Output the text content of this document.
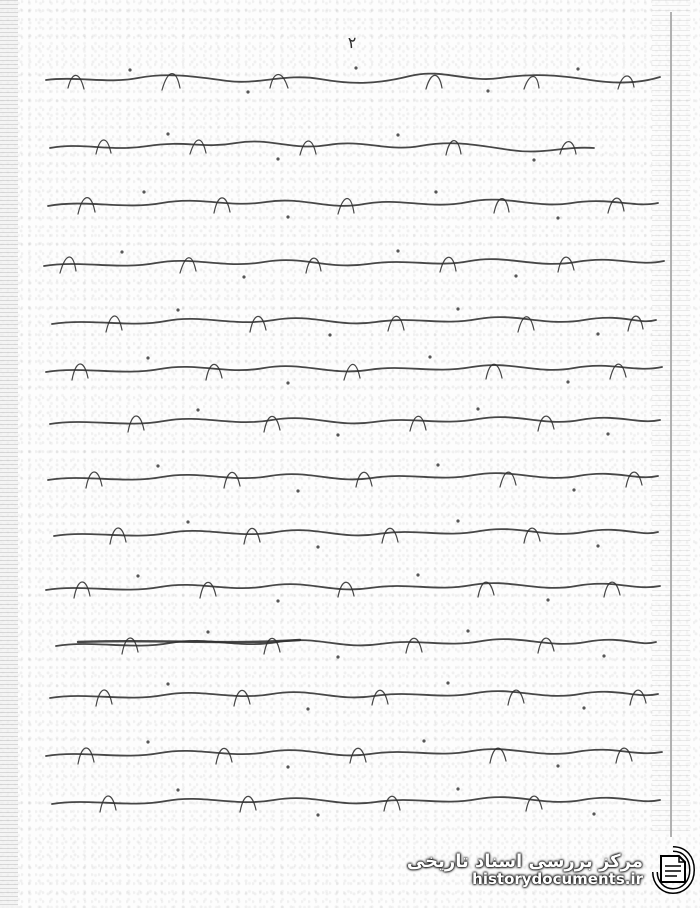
۲
مرکز بررسی اسناد تاریخی
historydocuments.ir
